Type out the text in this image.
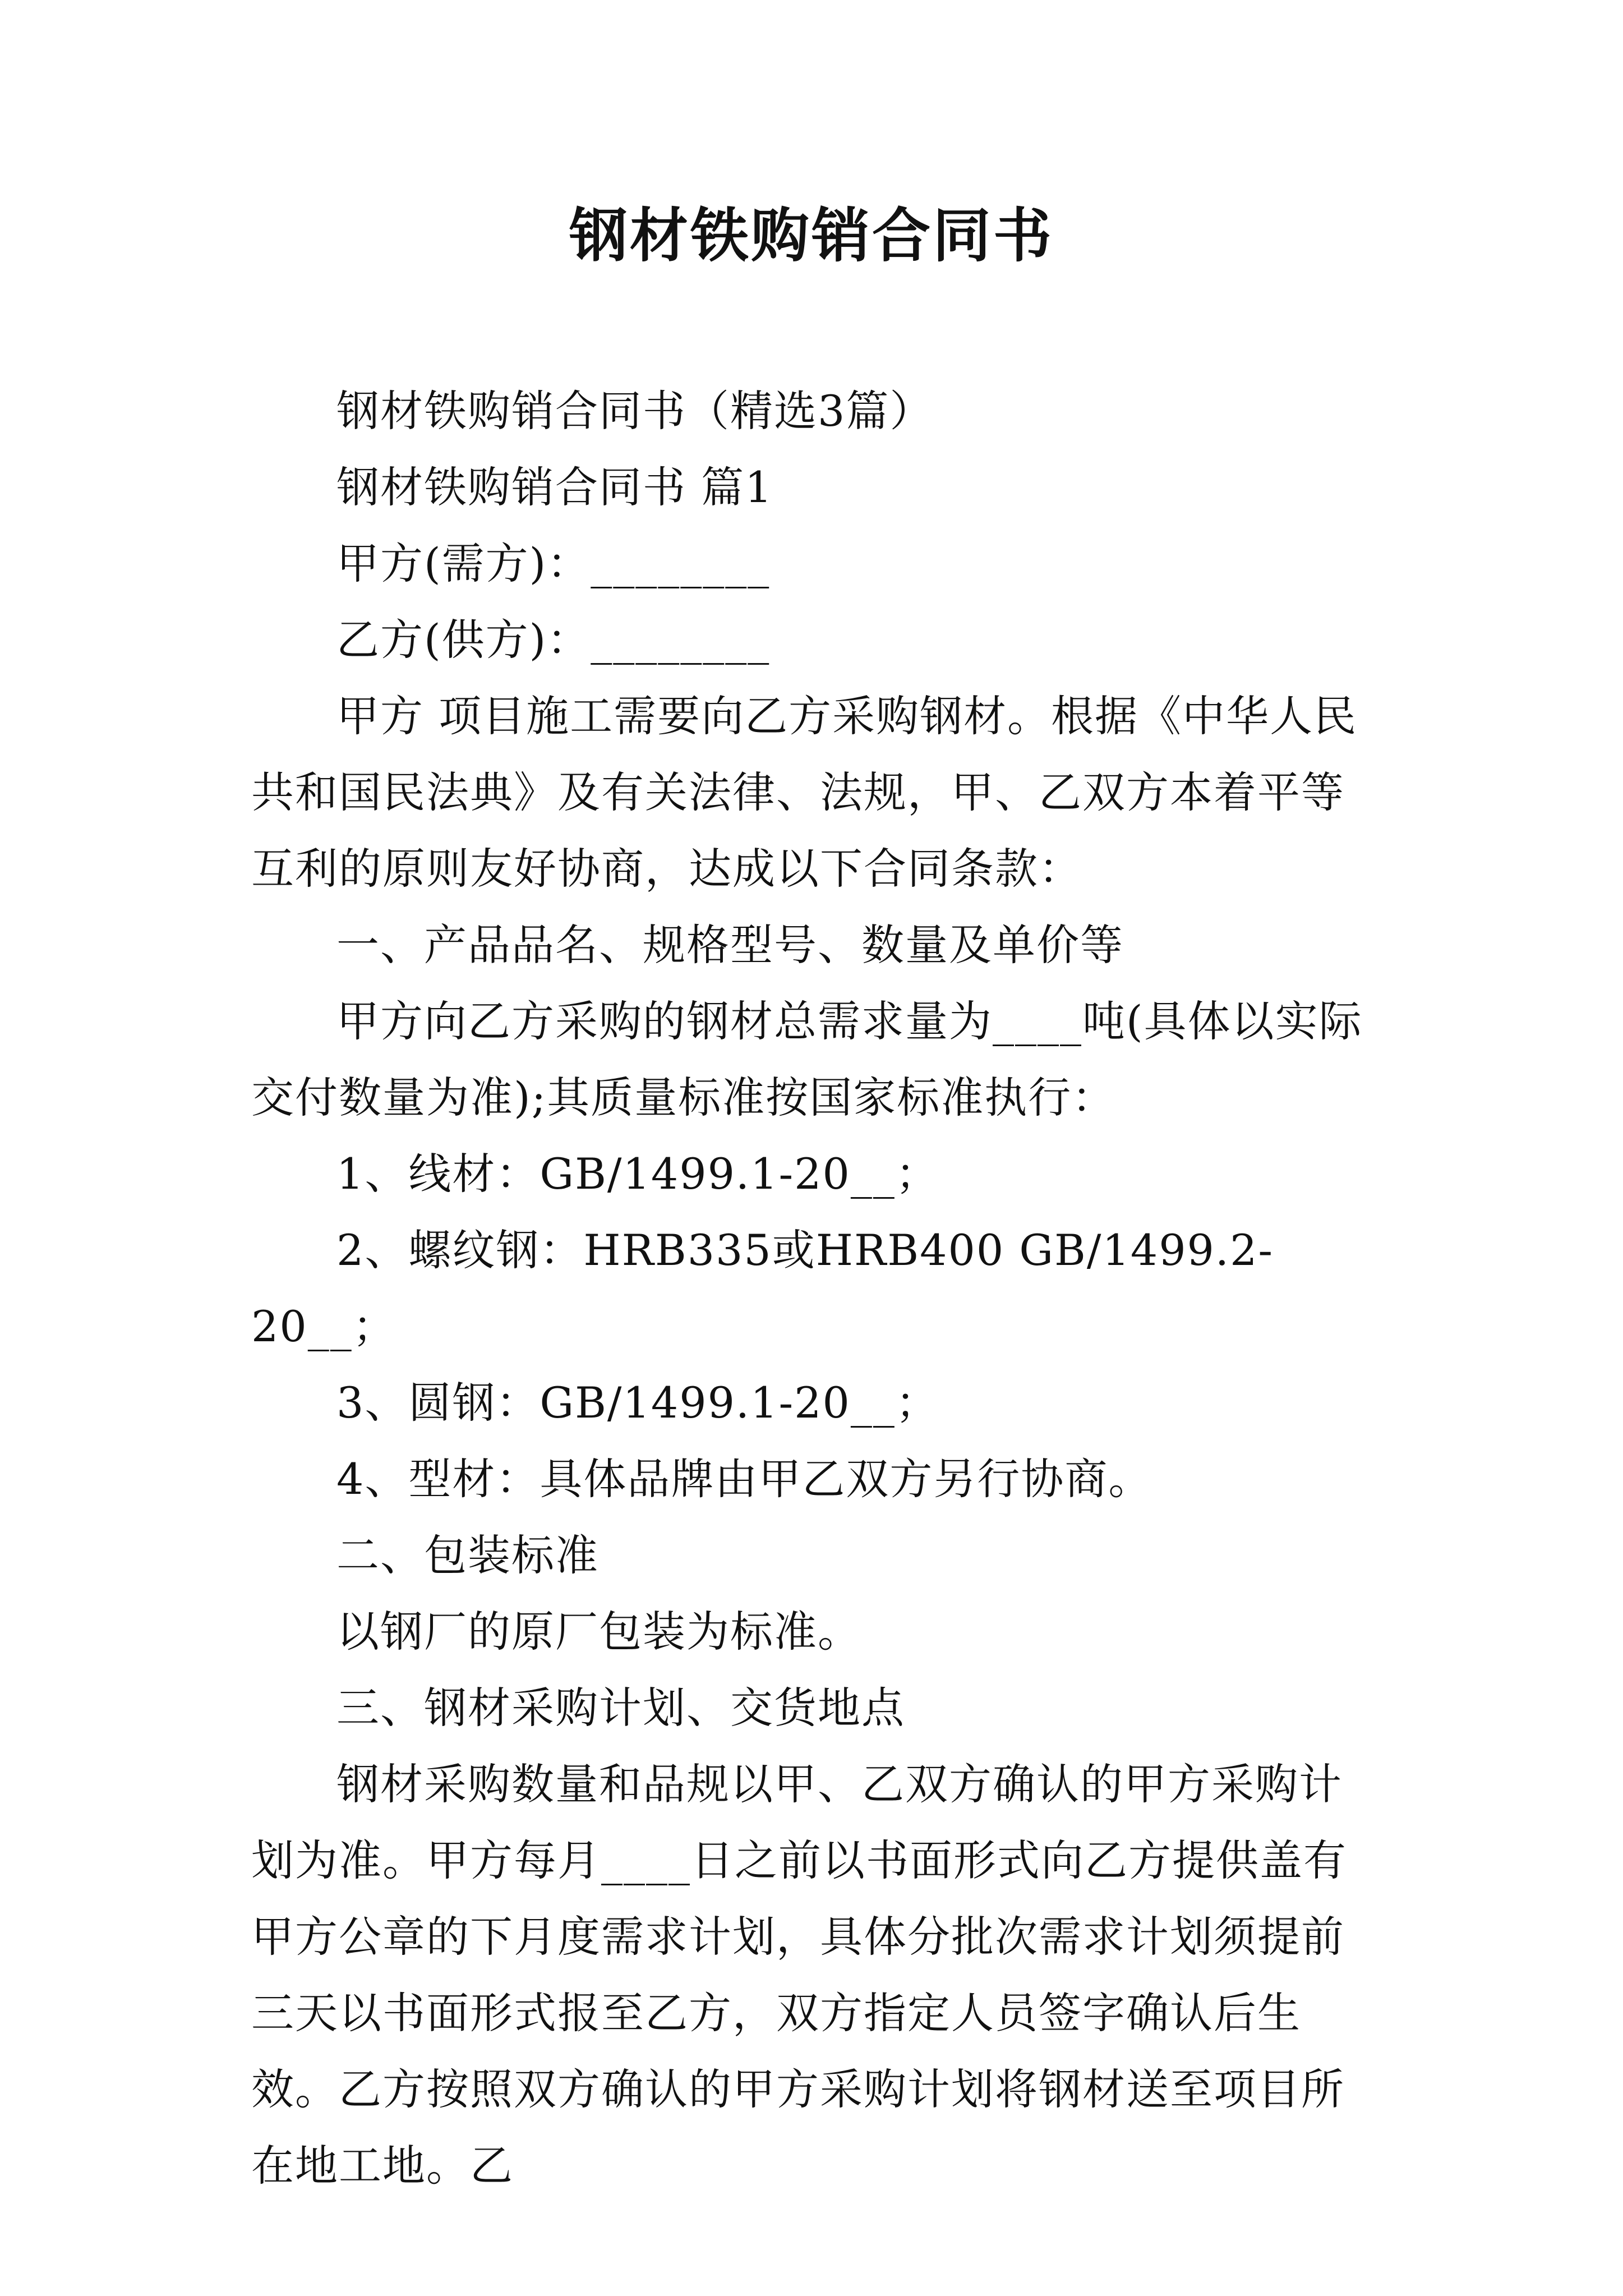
钢材铁购销合同书

钢材铁购销合同书（精选3篇）

钢材铁购销合同书 篇1

甲方(需方)：________

乙方(供方)：________

甲方 项目施工需要向乙方采购钢材。根据《中华人民共和国民法典》及有关法律、法规，甲、乙双方本着平等互利的原则友好协商，达成以下合同条款：

一、产品品名、规格型号、数量及单价等

甲方向乙方采购的钢材总需求量为____吨(具体以实际交付数量为准);其质量标准按国家标准执行：

1、线材：GB/1499.1-20__；

2、螺纹钢：HRB335或HRB400 GB/1499.2-20__；

3、圆钢：GB/1499.1-20__；

4、型材：具体品牌由甲乙双方另行协商。

二、包装标准

以钢厂的原厂包装为标准。

三、钢材采购计划、交货地点

钢材采购数量和品规以甲、乙双方确认的甲方采购计划为准。甲方每月____日之前以书面形式向乙方提供盖有甲方公章的下月度需求计划，具体分批次需求计划须提前三天以书面形式报至乙方，双方指定人员签字确认后生效。乙方按照双方确认的甲方采购计划将钢材送至项目所在地工地。乙
